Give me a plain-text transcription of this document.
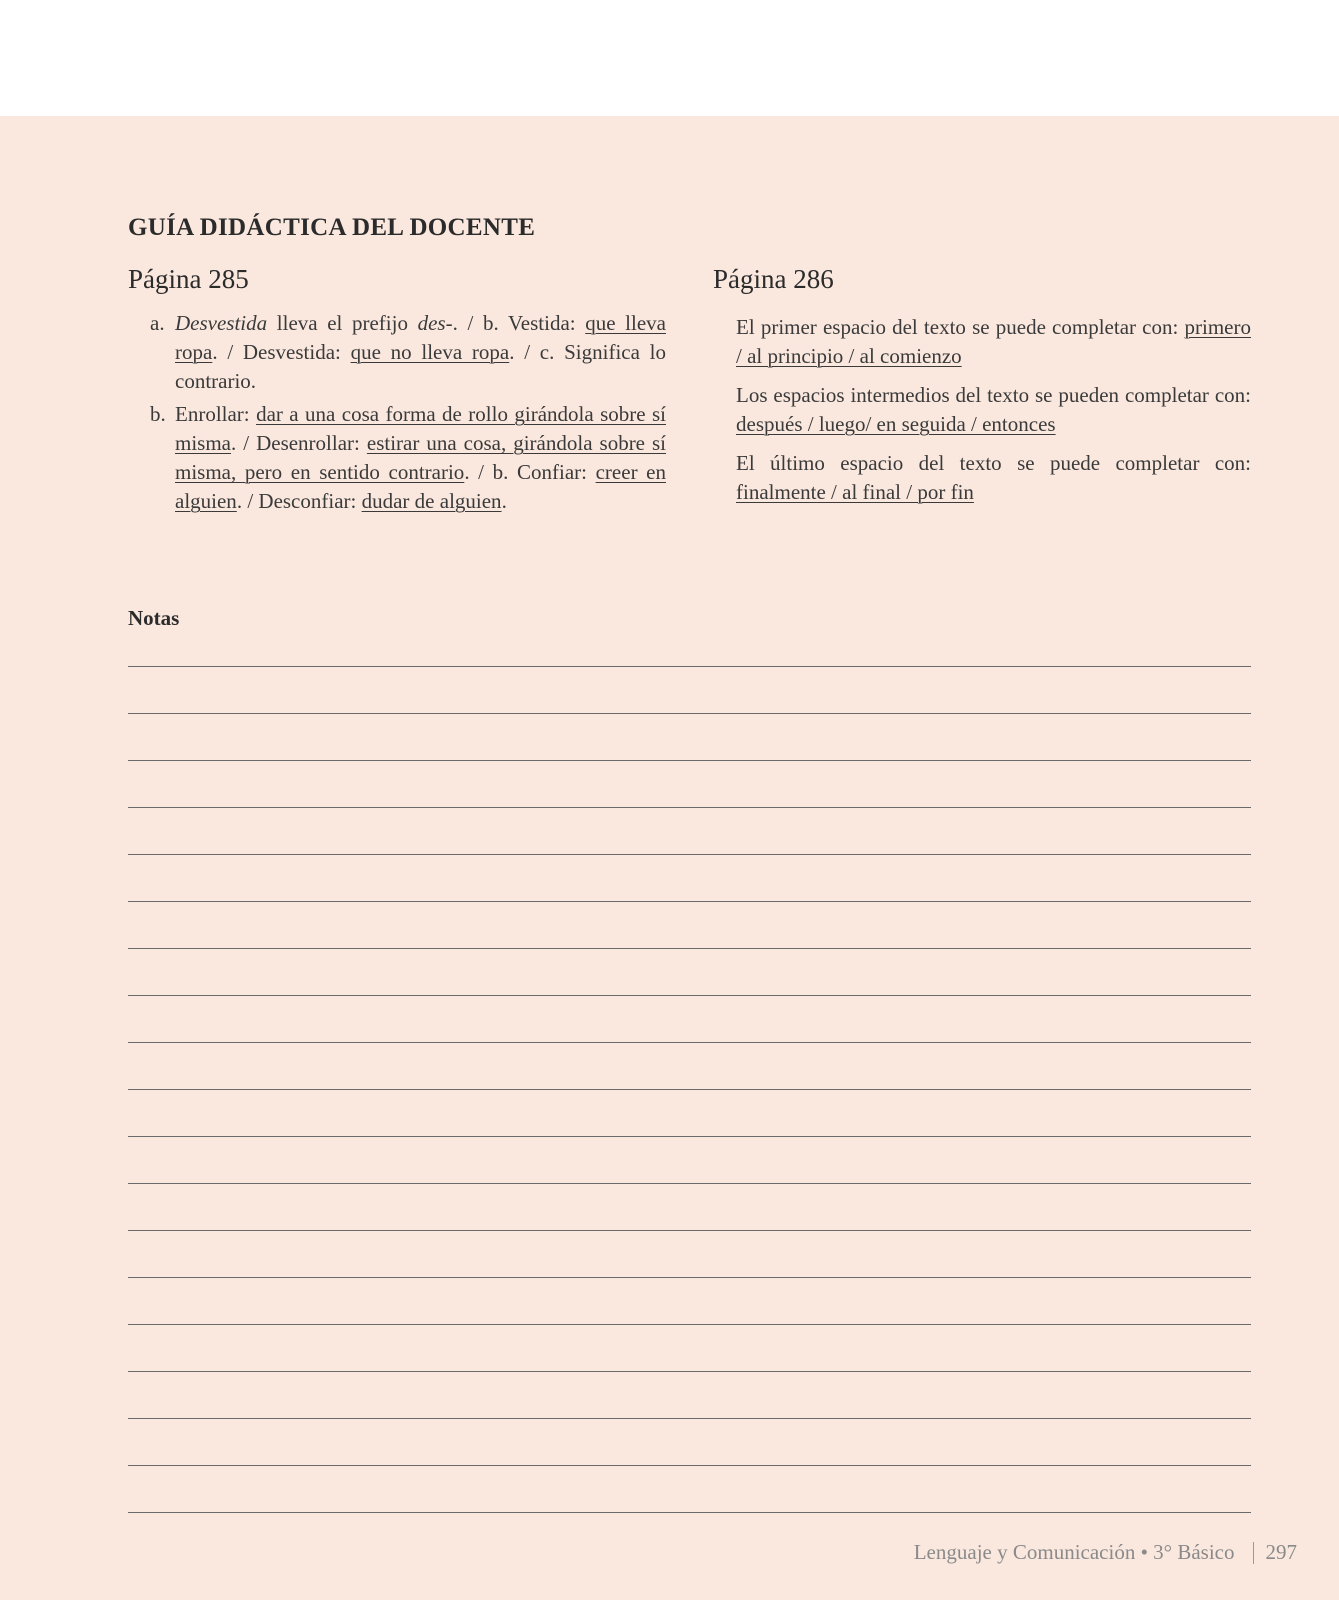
GUÍA DIDÁCTICA DEL DOCENTE
Página 285
a. Desvestida lleva el prefijo des-. / b. Vestida: que lleva ropa. / Desvestida: que no lleva ropa. / c. Significa lo contrario.
b. Enrollar: dar a una cosa forma de rollo girándola sobre sí misma. / Desenrollar: estirar una cosa, girándola sobre sí misma, pero en sentido contrario. / b. Confiar: creer en alguien. / Desconfiar: dudar de alguien.
Página 286

El primer espacio del texto se puede completar con: primero / al principio / al comienzo

Los espacios intermedios del texto se pueden completar con: después / luego/ en seguida / entonces

El último espacio del texto se puede completar con: finalmente / al final / por fin

Notas
Lenguaje y Comunicación • 3° Básico 297
